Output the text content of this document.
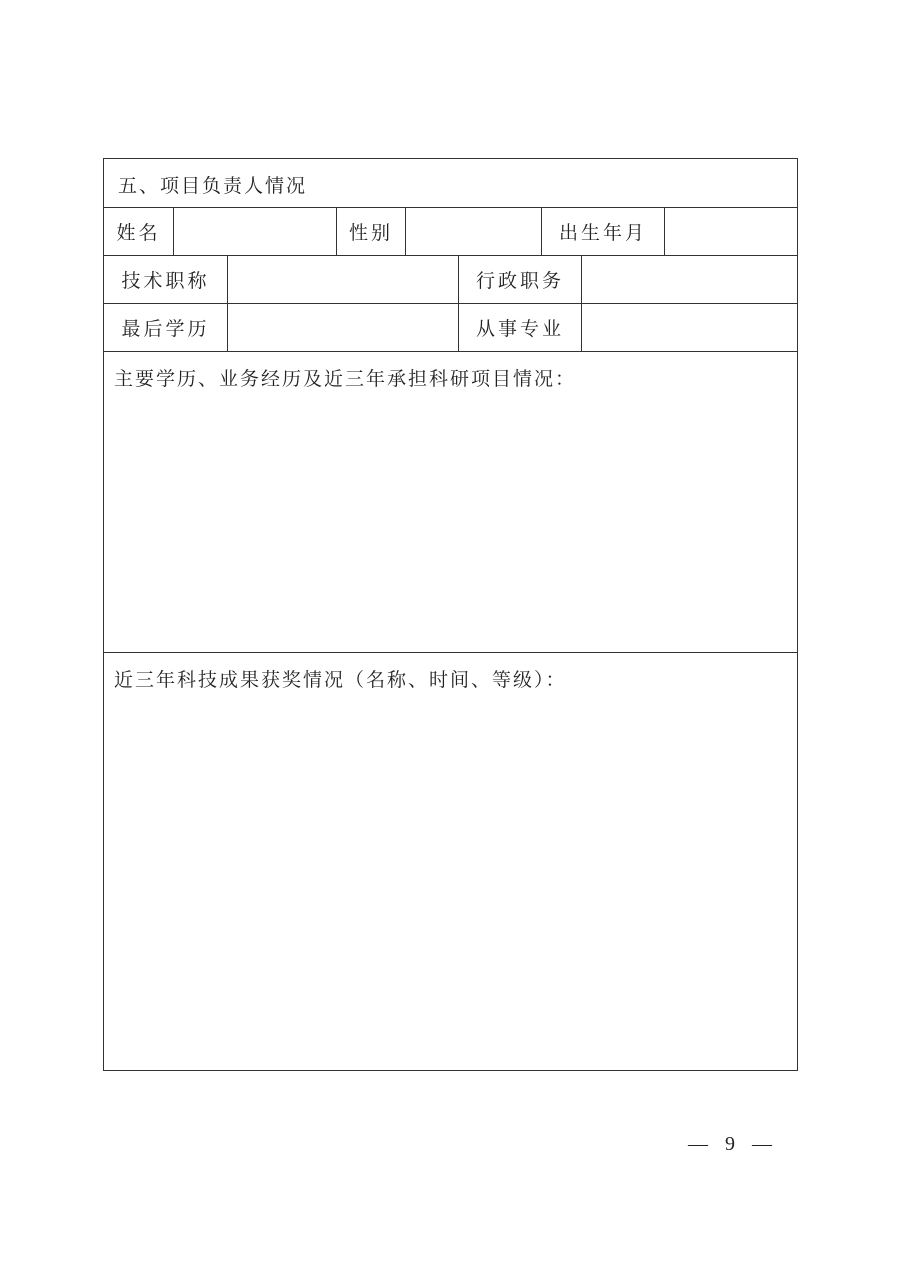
五、项目负责人情况
姓名	性别	出生年月
技术职称	行政职务
最后学历	从事专业
主要学历、业务经历及近三年承担科研项目情况：
近三年科技成果获奖情况（名称、时间、等级）：
— 9 —
